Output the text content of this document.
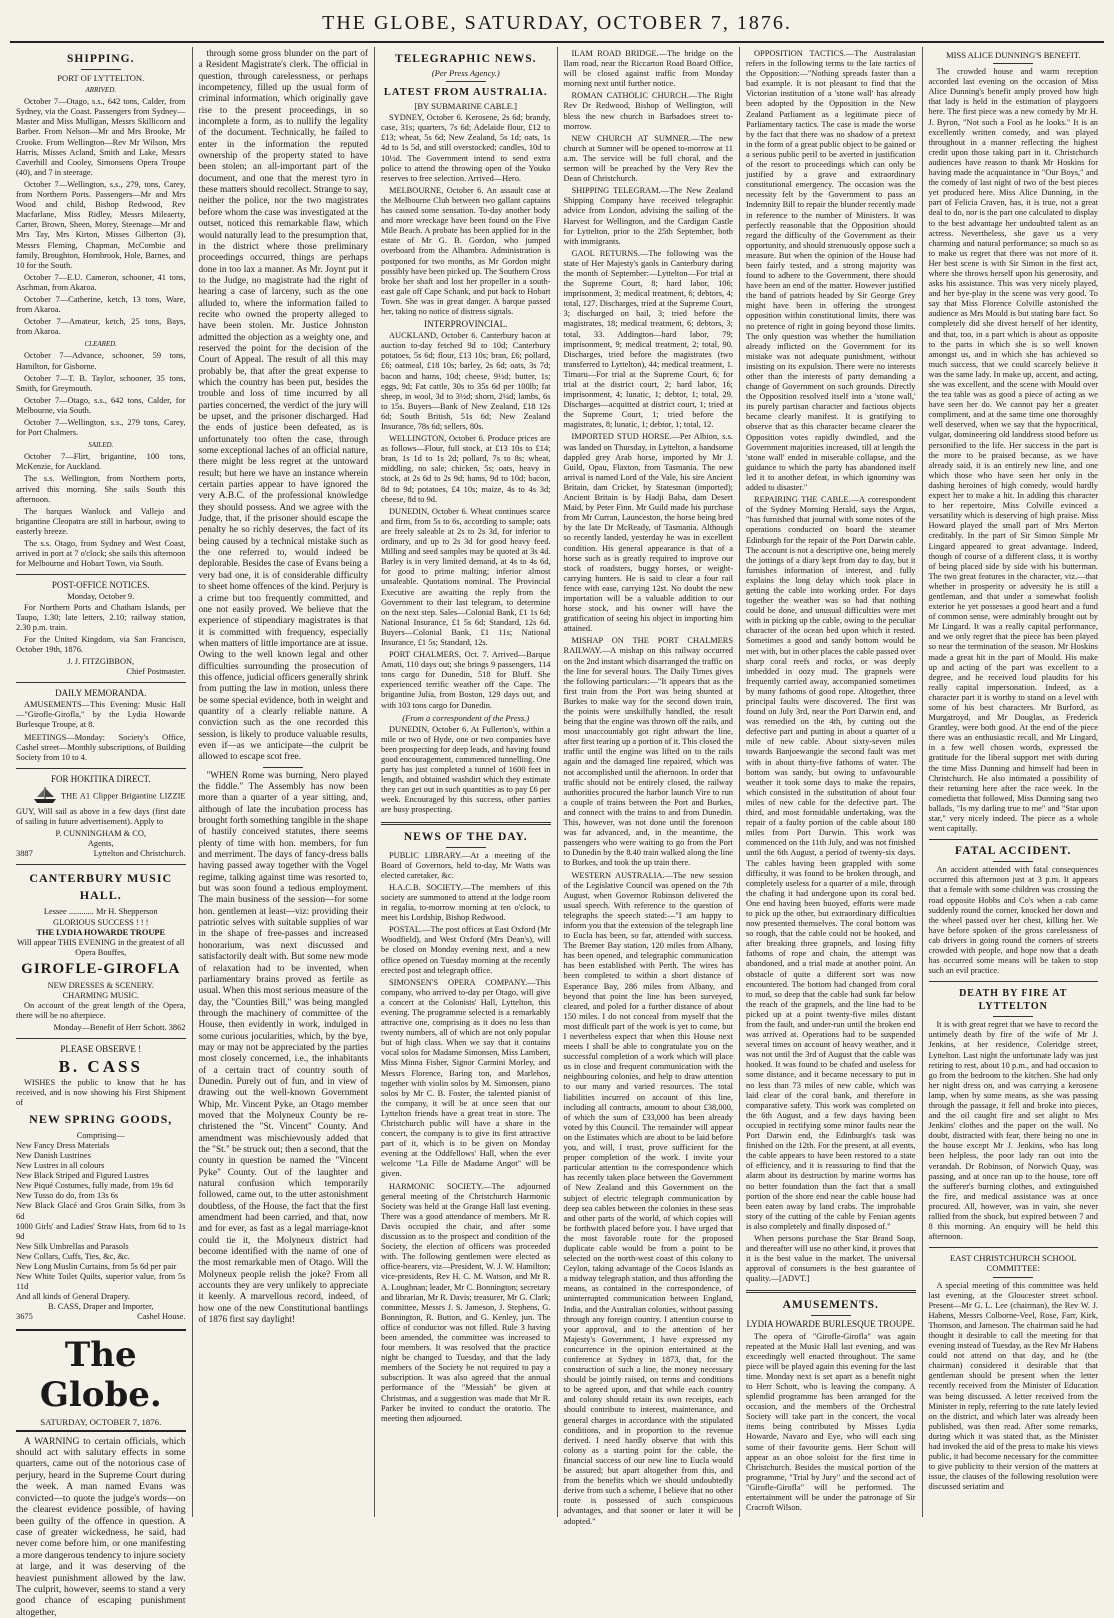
THE GLOBE, SATURDAY, OCTOBER 7, 1876.
SHIPPING.
PORT OF LYTTELTON.
ARRIVED.

October 7—Otago, s.s., 642 tons, Calder, from Sydney, via the Coast. Passengers from Sydney—Master and Miss Mulligan, Messrs Skillicorn and Barber. From Nelson—Mr and Mrs Brooke, Mr Crooke. From Wellington—Rev Mr Wilson, Mrs Harris, Misses Acland, Smith and Lake, Messrs Caverhill and Cooley, Simonsens Opera Troupe (40), and 7 in steerage.

October 7—Wellington, s.s., 279, tons, Carey, from Northern Ports. Passengers—Mr and Mrs Wood and child, Bishop Redwood, Rev Macfarlane, Miss Ridley, Messrs Mileaerty, Carter, Brown, Sheen, Morey, Steenage—Mr and Mrs Tay, Mrs Kirton, Misses Gilberton (3), Messrs Fleming, Chapman, McCombie and family, Broughton, Hornbrook, Hole, Barnes, and 10 for the South.

October 7—E.U. Cameron, schooner, 41 tons, Aschman, from Akaroa.

October 7—Catherine, ketch, 13 tons, Ware, from Akaroa.

October 7—Amateur, ketch, 25 tons, Bays, from Akaroa.

CLEARED.

October 7—Advance, schooner, 59 tons, Hamilton, for Gisborne.

October 7—T. B. Taylor, schooner, 35 tons, Smith, for Greymouth.

October 7—Otago, s.s., 642 tons, Calder, for Melbourne, via South.

October 7—Wellington, s.s., 279 tons, Carey, for Port Chalmers.

SAILED.

October 7—Flirt, brigantine, 100 tons, McKenzie, for Auckland.

The s.s. Wellington, from Northern ports, arrived this morning. She sails South this afternoon.

The barques Wanlock and Vallejo and brigantine Cleopatra are still in harbour, owing to easterly breeze.

The s.s. Otago, from Sydney and West Coast, arrived in port at 7 o'clock; she sails this afternoon for Melbourne and Hobart Town, via South.

POST-OFFICE NOTICES.
Monday, October 9.

For Northern Ports and Chatham Islands, per Taupo, 1.30; late letters, 2.10; railway station, 2.30 p.m. train.

For the United Kingdom, via San Francisco, October 19th, 1876.

J. J. FITZGIBBON,
Chief Postmaster.
DAILY MEMORANDA.

AMUSEMENTS—This Evening: Music Hall—"Girofle-Girofla," by the Lydia Howarde Burlesque Troupe, at 8.

MEETINGS—Monday: Society's Office, Cashel street—Monthly subscriptions, of Building Society from 10 to 4.

FOR HOKITIKA DIRECT.

THE A1 Clipper Brigantine LIZZIE GUY, Will sail as above in a few days (first date of sailing in future advertisement). Apply to

P. CUNNINGHAM & CO,
Agents,
3887	Lyttelton and Christchurch.
CANTERBURY MUSIC HALL.
Lessee ............ Mr H. Shepperson
GLORIOUS SUCCESS ! ! !
THE LYDIA HOWARDE TROUPE
Will appear THIS EVENING in the greatest of all Opera Bouffes,
GIROFLE-GIROFLA
NEW DRESSES & SCENERY.
CHARMING MUSIC.

On account of the great length of the Opera, there will be no afterpiece.

Monday—Benefit of Herr Schott. 3862
PLEASE OBSERVE !
B. CASS

WISHES the public to know that he has received, and is now showing his First Shipment of

NEW SPRING GOODS,
Comprising—
New Fancy Dress Materials
New Danish Lustrines
New Lustres in all colours
New Black Striped and Figured Lustres
New Piqué Costumes, fully made, from 19s 6d
New Tusso do do, from 13s 6s
New Black Glacé and Gros Grain Silks, from 3s 6d
1000 Girls' and Ladies' Straw Hats, from 6d to 1s 9d
New Silk Umbrellas and Parasols
New Collars, Cuffs, Ties, &c, &c.
New Long Muslin Curtains, from 5s 6d per pair
New White Toilet Quilts, superior value, from 5s 11d
And all kinds of General Drapery.
B. CASS, Draper and Importer,
3675	Cashel House.
The Globe.
SATURDAY, OCTOBER 7, 1876.

A WARNING to certain officials, which should act with salutary effects in some quarters, came out of the notorious case of perjury, heard in the Supreme Court during the week. A man named Evans was convicted—to quote the judge's words—on the clearest evidence possible, of having been guilty of the offence in question. A case of greater wickedness, he said, had never come before him, or one manifesting a more dangerous tendency to injure society at large, and it was deserving of the heaviest punishment allowed by the law. The culprit, however, seems to stand a very good chance of escaping punishment altogether,

through some gross blunder on the part of a Resident Magistrate's clerk. The official in question, through carelessness, or perhaps incompetency, filled up the usual form of criminal information, which originally gave rise to the present proceedings, in so incomplete a form, as to nullify the legality of the document. Technically, he failed to enter in the information the reputed ownership of the property stated to have been stolen; an all-important part of the document, and one that the merest tyro in these matters should recollect. Strange to say, neither the police, nor the two magistrates before whom the case was investigated at the outset, noticed this remarkable flaw, which would naturally lead to the presumption that, in the district where those preliminary proceedings occurred, things are perhaps done in too lax a manner. As Mr. Joynt put it to the Judge, no magistrate had the right of hearing a case of larceny, such as the one alluded to, where the information failed to recite who owned the property alleged to have been stolen. Mr. Justice Johnston admitted the objection as a weighty one, and reserved the point for the decision of the Court of Appeal. The result of all this may probably be, that after the great expense to which the country has been put, besides the trouble and loss of time incurred by all parties concerned, the verdict of the jury will be upset, and the prisoner discharged. Had the ends of justice been defeated, as is unfortunately too often the case, through some exceptional laches of an official nature, there might be less regret at the untoward result; but here we have an instance wherein certain parties appear to have ignored the very A.B.C. of the professional knowledge they should possess. And we agree with the Judge, that, if the prisoner should escape the penalty he so richly deserves, the fact of its being caused by a technical mistake such as the one referred to, would indeed be deplorable. Besides the case of Evans being a very bad one, it is of considerable difficulty to sheet home offences of the kind. Perjury is a crime but too frequently committed, and one not easily proved. We believe that the experience of stipendiary magistrates is that it is committed with frequency, especially when matters of little importance are at issue. Owing to the well known legal and other difficulties surrounding the prosecution of this offence, judicial officers generally shrink from putting the law in motion, unless there be some special evidence, both in weight and quantity of a clearly reliable nature. A conviction such as the one recorded this session, is likely to produce valuable results, even if—as we anticipate—the culprit be allowed to escape scot free.

"WHEN Rome was burning, Nero played the fiddle." The Assembly has now been more than a quarter of a year sitting, and, although of late the incubation process has brought forth something tangible in the shape of hastily conceived statutes, there seems plenty of time with hon. members, for fun and merriment. The days of fancy-dress balls having passed away together with the Vogel regime, talking against time was resorted to, but was soon found a tedious employment. The main business of the session—for some hon. gentlemen at least—viz: providing their patriotic selves with suitable supplies of war in the shape of free-passes and increased honorarium, was next discussed and satisfactorily dealt with. But some new mode of relaxation had to be invented, when parliamentary brains proved as fertile as usual. When this most serious measure of the day, the "Counties Bill," was being mangled through the machinery of committee of the House, then evidently in work, indulged in some curious jocularities, which, by the bye, may or may not be appreciated by the parties most closely concerned, i.e., the inhabitants of a certain tract of country south of Dunedin. Purely out of fun, and in view of drawing out the well-known Government Whip, Mr. Vincent Pyke, an Otago member moved that the Molyneux County be re-christened the "St. Vincent" County. And amendment was mischievously added that the "St." be struck out; then a second, that the county in question be named the "Vincent Pyke" County. Out of the laughter and natural confusion which temporarily followed, came out, to the utter astonishment doubtless, of the House, the fact that the first amendment had been carried, and that, now and for ever, as fast as a legal marriage-knot could tie it, the Molyneux district had become identified with the name of one of the most remarkable men of Otago. Will the Molyneux people relish the joke? From all accounts they are very unlikely to appreciate it keenly. A marvellous record, indeed, of how one of the new Constitutional bantlings of 1876 first say daylight!

TELEGRAPHIC NEWS.
(Per Press Agency.)
LATEST FROM AUSTRALIA.
[BY SUBMARINE CABLE.]

SYDNEY, October 6. Kerosene, 2s 6d; brandy, case, 31s; quarters, 7s 6d; Adelaide flour, £12 to £13; wheat, 5s 6d; New Zealand, 5s 1d; oats, 1s 4d to 1s 5d, and still overstocked; candles, 10d to 10½d. The Government intend to send extra police to attend the throwing open of the Youko reserves to free selection. Arrived—Hero.

MELBOURNE, October 6. An assault case at the Melbourne Club between two gallant captains has caused some sensation. To-day another body and more wreckage have been found on the Five Mile Beach. A probate has been applied for in the estate of Mr G. B. Gordon, who jumped overboard from the Alhambra. Administration is postponed for two months, as Mr Gordon might possibly have been picked up. The Southern Cross broke her shaft and lost her propeller in a south-east gale off Cape Schank, and put back to Hobart Town. She was in great danger. A barque passed her, taking no notice of distress signals.

INTERPROVINCIAL.

AUCKLAND, October 6. Canterbury bacon at auction to-day fetched 9d to 10d; Canterbury potatoes, 5s 6d; flour, £13 10s; bran, £6; pollard, £6; oatmeal, £18 10s; barley, 2s 6d; oats, 3s 7d; bacon and hams, 10d; cheese, 9½d; butter, 1s; eggs, 9d; Fat cattle, 30s to 35s 6d per 100lb; fat sheep, in wool, 3d to 3½d; shorn, 2¼d; lambs, 6s to 15s. Buyers—Bank of New Zealand, £18 12s 6d; South British, 51s 6d; New Zealand Insurance, 78s 6d; sellers, 80s.

WELLINGTON, October 6. Produce prices are as follows—Flour, full stock, at £13 10s to £14; bran, 1s 1d to 1s 2d; pollard, 7s to 8s; wheat, middling, no sale; chicken, 5s; oats, heavy in stock, at 2s 6d to 2s 9d; hams, 9d to 10d; bacon, 8d to 9d; potatoes, £4 10s; maize, 4s to 4s 3d; cheese, 8d to 9d.

DUNEDIN, October 6. Wheat continues scarce and firm, from 5s to 6s, according to sample; oats are freely saleable at 2s to 2s 3d, for inferior to ordinary, and up to 2s 3d for good heavy feed. Milling and seed samples may be quoted at 3s 4d. Barley is in very limited demand, at 4s to 4s 6d, for good to prime malting; inferior almost unsaleable. Quotations nominal. The Provincial Executive are awaiting the reply from the Government to their last telegram, to determine on the next step. Sales—Colonial Bank, £1 1s 6d; National Insurance, £1 5s 6d; Standard, 12s 6d. Buyers—Colonial Bank, £1 11s; National Insurance, £1 5s; Standard, 12s.

PORT CHALMERS, Oct. 7. Arrived—Barque Amati, 110 days out; she brings 9 passengers, 114 tons cargo for Dunedin, 518 for Bluff. She experienced terrific weather off the Cape. The brigantine Julia, from Boston, 129 days out, and with 103 tons cargo for Dunedin.

(From a correspondent of the Press.)

DUNEDIN, October 6. At Fullerton's, within a mile or two of Hyde, one or two companies have been prospecting for deep leads, and having found good encouragement, commenced tunnelling. One party has just completed a tunnel of 1600 feet in length, and obtained washdirt which they estimate they can get out in such quantities as to pay £6 per week. Encouraged by this success, other parties are busy prospecting.

NEWS OF THE DAY.

PUBLIC LIBRARY.—At a meeting of the Board of Governors, held to-day, Mr Watts was elected caretaker, &c.

H.A.C.B. SOCIETY.—The members of this society are summoned to attend at the lodge room in regalia, to-morrow morning at ten o'clock, to meet his Lordship, Bishop Redwood.

POSTAL.—The post offices at East Oxford (Mr Woodfield), and West Oxford (Mrs Dean's), will be closed on Monday evening next, and a new office opened on Tuesday morning at the recently erected post and telegraph office.

SIMONSEN'S OPERA COMPANY.—This company, who arrived to-day per Otago, will give a concert at the Colonists' Hall, Lyttelton, this evening. The programme selected is a remarkably attractive one, comprising as it does no less than twenty numbers, all of which are not only popular but of high class. When we say that it contains vocal solos for Madame Simonsen, Miss Lambert, Miss Minna Fisher, Signor Carmini Morley, and Messrs Florence, Baring ton, and Marlehos, together with violin solos by M. Simonsen, piano solos by Mr C. B. Foster, the talented pianist of the company, it will be at once seen that our Lyttelton friends have a great treat in store. The Christchurch public will have a share in the concert, the company is to give its first attractive part of it, which is to be given on Monday evening at the Oddfellows' Hall, when the ever welcome "La Fille de Madame Angot" will be given.

HARMONIC SOCIETY.—The adjourned general meeting of the Christchurch Harmonic Society was held at the Grange Hall last evening. There was a good attendance of members. Mr R. Davis occupied the chair, and after some discussion as to the prospect and condition of the Society, the election of officers was proceeded with. The following gentlemen were elected as office-bearers, viz—President, W. J. W. Hamilton; vice-presidents, Rev H. C. M. Watson, and Mr R. A. Loughnan; leader, Mr C. Bonnington; secretary and librarian, Mr R. Davis; treasurer, Mr G. Clark; committee, Messrs J. S. Jameson, J. Stephens, G. Bonnington, R. Button, and G. Kenley, jun. The office of conductor was not filled. Rule 3 having been amended, the committee was increased to four members. It was resolved that the practice night be changed to Tuesday, and that the lady members of the Society be not required to pay a subscription. It was also agreed that the annual performance of the "Messiah" be given at Christmas, and a suggestion was made that Mr R. Parker be invited to conduct the oratorio. The meeting then adjourned.

ILAM ROAD BRIDGE.—The bridge on the Ilam road, near the Riccarton Road Board Office, will be closed against traffic from Monday morning next until further notice.

ROMAN CATHOLIC CHURCH.—The Right Rev Dr Redwood, Bishop of Wellington, will bless the new church in Barbadoes street to-morrow.

NEW CHURCH AT SUMNER.—The new church at Sumner will be opened to-morrow at 11 a.m. The service will be full choral, and the sermon will be preached by the Very Rev the Dean of Christchurch.

SHIPPING TELEGRAM.—The New Zealand Shipping Company have received telegraphic advice from London, advising the sailing of the Harvest for Wellington, and the Cardigan Castle for Lyttelton, prior to the 25th September, both with immigrants.

GAOL RETURNS.—The following was the state of Her Majesty's gaols in Canterbury during the month of September:—Lyttelton—For trial at the Supreme Court, 8; hard labor, 106; imprisonment, 3; medical treatment, 6; debtors, 4; total, 127. Discharges, tried at the Supreme Court, 3; discharged on bail, 3; tried before the magistrates, 18; medical treatment, 6; debtors, 3; total, 33. Addington—hard labor, 79; imprisonment, 9; medical treatment, 2; total, 90. Discharges, tried before the magistrates (two transferred to Lyttelton), 44; medical treatment, 1. Timaru—For trial at the Supreme Court, 6; for trial at the district court, 2; hard labor, 16; imprisonment, 4; lunatic, 1; debtor, 1; total, 29. Discharges—acquitted at district court, 1; tried at the Supreme Court, 1; tried before the magistrates, 8; lunatic, 1; debtor, 1; total, 12.

IMPORTED STUD HORSE.—Per Albion, s.s. was landed on Thursday, in Lyttelton, a handsome dappled grey Arab horse, imported by Mr J. Guild, Opau, Flaxton, from Tasmania. The new arrival is named Lord of the Vale, his sire Ancient Britain, dam Cricket, by Statesman (imported); Ancient Britain is by Hadji Baba, dam Desert Maid, by Peter Finn. Mr Guild made his purchase from Mr Curran, Launceston, the horse being bred by the late Dr McReady, of Tasmania. Although so recently landed, yesterday he was in excellent condition. His general appearance is that of a horse such as is greatly required to improve our stock of roadsters, buggy horses, or weight-carrying hunters. He is said to clear a four rail fence with ease, carrying 12st. No doubt the new importation will be a valuable addition to our horse stock, and his owner will have the gratification of seeing his object in importing him attained.

MISHAP ON THE PORT CHALMERS RAILWAY.—A mishap on this railway occurred on the 2nd instant which disarranged the traffic on the line for several hours. The Daily Times gives the following particulars:—"It appears that as the first train from the Port was being shunted at Burkes to make way for the second down train, the points were unskilfully handled, the result being that the engine was thrown off the rails, and most unaccountably got right athwart the line, after first tearing up a portion of it. This closed the traffic until the engine was lifted on to the rails again and the damaged line repaired, which was not accomplished until the afternoon. In order that traffic should not be entirely closed, the railway authorities procured the harbor launch Vire to run a couple of trains between the Port and Burkes, and connect with the trains to and from Dunedin. This, however, was not done until the forenoon was far advanced, and, in the meantime, the passengers who were waiting to go from the Port to Dunedin by the 8.40 train walked along the line to Burkes, and took the up train there.

WESTERN AUSTRALIA.—The new session of the Legislative Council was opened on the 7th August, when Governor Robinson delivered the usual speech. With reference to the question of telegraphs the speech stated:—"I am happy to inform you that the extension of the telegraph line to Eucla has been, so far, attended with success. The Bremer Bay station, 120 miles from Albany, has been opened, and telegraphic communication has been established with Perth. The wires has been completed to within a short distance of Esperance Bay, 286 miles from Albany, and beyond that point the line has been surveyed, cleared, and poled for a further distance of about 150 miles. I do not conceal from myself that the most difficult part of the work is yet to come, but I nevertheless expect that when this House next meets I shall be able to congratulate you on the successful completion of a work which will place us in close and frequent communication with the neighbouring colonies, and help to draw attention to our many and varied resources. The total liabilities incurred on account of this line, including all contracts, amount to about £38,000, of which the sum of £33,000 has been already voted by this Council. The remainder will appear on the Estimates which are about to be laid before you, and will, I trust, prove sufficient for the proper completion of the work. I invite your particular attention to the correspondence which has recently taken place between the Government of New Zealand and this Government on the subject of electric telegraph communication by deep sea cables between the colonies in these seas and other parts of the world, of which copies will be forthwith placed before you. I have urged that the most favorable route for the proposed duplicate cable would be from a point to be selected on the north-west coast of this colony to Ceylon, taking advantage of the Cocos Islands as a midway telegraph station, and thus affording the means, as contained in the correspondence, of uninterrupted communication between England, India, and the Australian colonies, without passing through any foreign country. I attention course to your approval, and to the attention of her Majesty's Government, I have expressed my concurrence in the opinion entertained at the conference at Sydney in 1873, that, for the construction of such a line, the money necessary should be jointly raised, on terms and conditions to be agreed upon, and that while each country and colony should retain its own receipts, each should contribute to interest, maintenance, and general charges in accordance with the stipulated conditions, and in proportion to the revenue derived. I need hardly observe that with this colony as a starting point for the cable, the financial success of our new line to Eucla would be assured; but apart altogether from this, and from the benefits which we should undoubtedly derive from such a scheme, I believe that no other route is possessed of such conspicuous advantages, and that sooner or later it will be adopted."

OPPOSITION TACTICS.—The Australasian refers in the following terms to the late tactics of the Opposition:—"Nothing spreads faster than a bad example. It is not pleasant to find that the Victorian institution of a 'stone wall' has already been adopted by the Opposition in the New Zealand Parliament as a legitimate piece of Parliamentary tactics. The case is made the worse by the fact that there was no shadow of a pretext in the form of a great public object to be gained or a serious public peril to be averted in justification of the resort to proceedings which can only be justified by a grave and extraordinary constitutional emergency. The occasion was the necessity felt by the Government to pass an Indemnity Bill to repair the blunder recently made in reference to the number of Ministers. It was perfectly reasonable that the Opposition should regard the difficulty of the Government as their opportunity, and should strenuously oppose such a measure. But when the opinion of the House had been fairly tested, and a strong majority was found to adhere to the Government, there should have been an end of the matter. However justified the band of patriots headed by Sir George Grey might have been in offering the strongest opposition within constitutional limits, there was no pretence of right in going beyond those limits. The only question was whether the humiliation already inflicted on the Government for its mistake was not adequate punishment, without insisting on its expulsion. There were no interests other than the interests of party demanding a change of Government on such grounds. Directly the Opposition resolved itself into a 'stone wall,' its purely partisan character and factious objects became clearly manifest. It is gratifying to observe that as this character became clearer the Opposition votes rapidly dwindled, and the Government majorities increased, till at length the 'stone wall' ended in miserable collapse, and the guidance to which the party has abandoned itself led it to another defeat, in which ignominy was added to disaster."

REPAIRING THE CABLE.—A correspondent of the Sydney Morning Herald, says the Argus, "has furnished that journal with some notes of the operations conducted on board the steamer Edinburgh for the repair of the Port Darwin cable. The account is not a descriptive one, being merely the jottings of a diary kept from day to day, but it furnishes information of interest, and fully explains the long delay which took place in getting the cable into working order. For days together the weather was so bad that nothing could be done, and unusual difficulties were met with in picking up the cable, owing to the peculiar character of the ocean bed upon which it rested. Sometimes a good and sandy bottom would be met with, but in other places the cable passed over sharp coral reefs and rocks, or was deeply imbedded in oozy mud. The grapnels were frequently carried away, accompanied sometimes by many fathoms of good rope. Altogether, three principal faults were discovered. The first was found on July 3rd, near the Port Darwin end, and was remedied on the 4th, by cutting out the defective part and putting in about a quarter of a mile of new cable. About sixty-seven miles towards Banjoewangie the second fault was met with in about thirty-five fathoms of water. The bottom was sandy, but owing to unfavourable weather it took some days to make the repairs, which consisted in the substitution of about four miles of new cable for the defective part. The third, and most formidable undertaking, was the repair of a faulty portion of the cable about 180 miles from Port Darwin. This work was commenced on the 11th July, and was not finished until the 6th August, a period of twenty-six days. The cables having been grappled with some difficulty, it was found to be broken through, and completely useless for a quarter of a mile, through the chafing it had undergone upon its coral bed. One end having been buoyed, efforts were made to pick up the other, but extraordinary difficulties now presented themselves. The coral bottom was so rough, that the cable could not be hooked, and after breaking three grapnels, and losing fifty fathoms of rope and chain, the attempt was abandoned, and a trial made at another point. An obstacle of quite a different sort was now encountered. The bottom had changed from coral to mud, so deep that the cable had sunk far below the reach of the grapnels, and the line had to be picked up at a point twenty-five miles distant from the fault, and under-run until the broken end was arrived at. Operations had to be suspended several times on account of heavy weather, and it was not until the 3rd of August that the cable was hooked. It was found to be chafed and useless for some distance, and it became necessary to put in no less than 73 miles of new cable, which was laid clear of the coral bank, and therefore in comparative safety. This work was completed on the 6th August, and a few days having been occupied in rectifying some minor faults near the Port Darwin end, the Edinburgh's task was finished on the 12th. For the present, at all events, the cable appears to have been restored to a state of efficiency, and it is reassuring to find that the alarm about its destruction by marine worms has no better foundation than the fact that a small portion of the shore end near the cable house had been eaten away by land crabs. The improbable story of the cutting of the cable by Fenian agents is also completely and finally disposed of."

When persons purchase the Star Brand Soap, and thereafter will use no other kind, it proves that it is the best value in the market. The universal approval of consumers is the best guarantee of quality.—[ADVT.]

AMUSEMENTS.
LYDIA HOWARDE BURLESQUE TROUPE.

The opera of "Girofle-Girofla" was again repeated at the Music Hall last evening, and was exceedingly well enacted throughout. The same piece will be played again this evening for the last time. Monday next is set apart as a benefit night to Herr Schott, who is leaving the company. A splendid programme has been arranged for the occasion, and the members of the Orchestral Society will take part in the concert, the vocal items being contributed by Misses Lydia Howarde, Navaro and Eye, who will each sing some of their favourite gems. Herr Schott will appear as an oboe soloist for the first time in Christchurch. Besides the musical portion of the programme, "Trial by Jury" and the second act of "Girofle-Girofla" will be performed. The entertainment will be under the patronage of Sir Cracroft Wilson.

MISS ALICE DUNNING'S BENEFIT.

The crowded house and warm reception accorded last evening on the occasion of Miss Alice Dunning's benefit amply proved how high that lady is held in the estimation of playgoers here. The first piece was a new comedy by Mr H. J. Byron, "Not such a Fool as he looks." It is an excellently written comedy, and was played throughout in a manner reflecting the highest credit upon those taking part in it. Christchurch audiences have reason to thank Mr Hoskins for having made the acquaintance in "Our Boys," and the comedy of last night of two of the best pieces yet produced here. Miss Alice Dunning, in the part of Felicia Craven, has, it is true, not a great deal to do, nor is the part one calculated to display to the best advantage her undoubted talent as an actress. Nevertheless, she gave us a very charming and natural performance; so much so as to make us regret that there was not more of it. Her best scene is with Sir Simon in the first act, where she throws herself upon his generosity, and asks his assistance. This was very nicely played, and her bye-play in the scene was very good. To say that Miss Florence Colville astonished the audience as Mrs Mould is but stating bare fact. So completely did she divest herself of her identity, and that, too, in a part which is about as opposite to the parts in which she is so well known amongst us, and in which she has achieved so much success, that we could scarcely believe it was the same lady. In make up, accent, and acting, she was excellent, and the scene with Mould over the tea table was as good a piece of acting as we have seen her do. We cannot pay her a greater compliment, and at the same time one thoroughly well deserved, when we say that the hypocritical, vulgar, domineering old landdress stood before us personified to the life. Her success in the part is the more to be praised because, as we have already said, it is an entirely new line, and one which those who have seen her only in the dashing heroines of high comedy, would hardly expect her to make a hit. In adding this character to her repertoire, Miss Colville evinced a versatility which is deserving of high praise. Miss Howard played the small part of Mrs Merton creditably. In the part of Sir Simon Simple Mr Lingard appeared to great advantage. Indeed, though of course of a different class, it is worthy of being placed side by side with his butterman. The two great features in the character, viz.—that whether in prosperity or adversity he is still a gentleman, and that under a somewhat foolish exterior he yet possesses a good heart and a fund of common sense, were admirably brought out by Mr Lingard. It was a really capital performance, and we only regret that the piece has been played so near the termination of the season. Mr Hoskins made a great hit in the part of Mould. His make up and acting of the part was excellent to a degree, and he received loud plaudits for his really capital impersonation. Indeed, as a character part it is worthy to stand on a level with some of his best characters. Mr Burford, as Murgatroyd, and Mr Douglas, as Frederick Grantley, were both good. At the end of the piece there was an enthusiastic recall, and Mr Lingard, in a few well chosen words, expressed the gratitude for the liberal support met with during the time Miss Dunning and himself had been in Christchurch. He also intimated a possibility of their returning here after the race week. In the comedietta that followed, Miss Dunning sang two ballads, "Is my darling true to me" and "Star upon star," very nicely indeed. The piece as a whole went capitally.

FATAL ACCIDENT.

An accident attended with fatal consequences occurred this afternoon just at 3 p.m. It appears that a female with some children was crossing the road opposite Hobbs and Co's when a cab came suddenly round the corner, knocked her down and the wheel passed over her chest, killing her. We have before spoken of the gross carelessness of cab drivers in going round the corners of streets crowded with people, and hope now that a death has occurred some means will be taken to stop such an evil practice.

DEATH BY FIRE AT LYTTELTON

It is with great regret that we have to record the untimely death by fire of the wife of Mr J. Jenkins, at her residence, Coleridge street, Lyttelton. Last night the unfortunate lady was just retiring to rest, about 10 p.m., and had occasion to go from the bedroom to the kitchen. She had only her night dress on, and was carrying a kerosene lamp, when by some means, as she was passing through the passage, it fell and broke into pieces, and the oil caught fire and set alight to Mrs Jenkins' clothes and the paper on the wall. No doubt, distracted with fear, there being no one in the house except Mr J. Jenkins, who has long been helpless, the poor lady ran out into the verandah. Dr Robinson, of Norwich Quay, was passing, and at once ran up to the house, tore off the sufferer's burning clothes, and extinguished the fire, and medical assistance was at once procured. All, however, was in vain, she never rallied from the shock, but expired between 7 and 8 this morning. An enquiry will be held this afternoon.

EAST CHRISTCHURCH SCHOOL COMMITTEE:

A special meeting of this committee was held last evening, at the Gloucester street school. Present—Mr G. L. Lee (chairman), the Rev W. J. Habens, Messrs Colborne-Veel, Rose, Farr, Kirk, Thomson, and Jameson. The chairman said he had thought it desirable to call the meeting for that evening instead of Tuesday, as the Rev Mr Habens could not attend on that day, and he (the chairman) considered it desirable that that gentleman should be present when the letter recently received from the Minister of Education was being discussed. A letter received from the Minister in reply, referring to the rate lately levied on the district, and which later was already been published, was then read. After some remarks, during which it was stated that, as the Minister had invoked the aid of the press to make his views public, it had become necessary for the committee to give publicity to their version of the matters at issue, the clauses of the following resolution were discussed seriatim and
